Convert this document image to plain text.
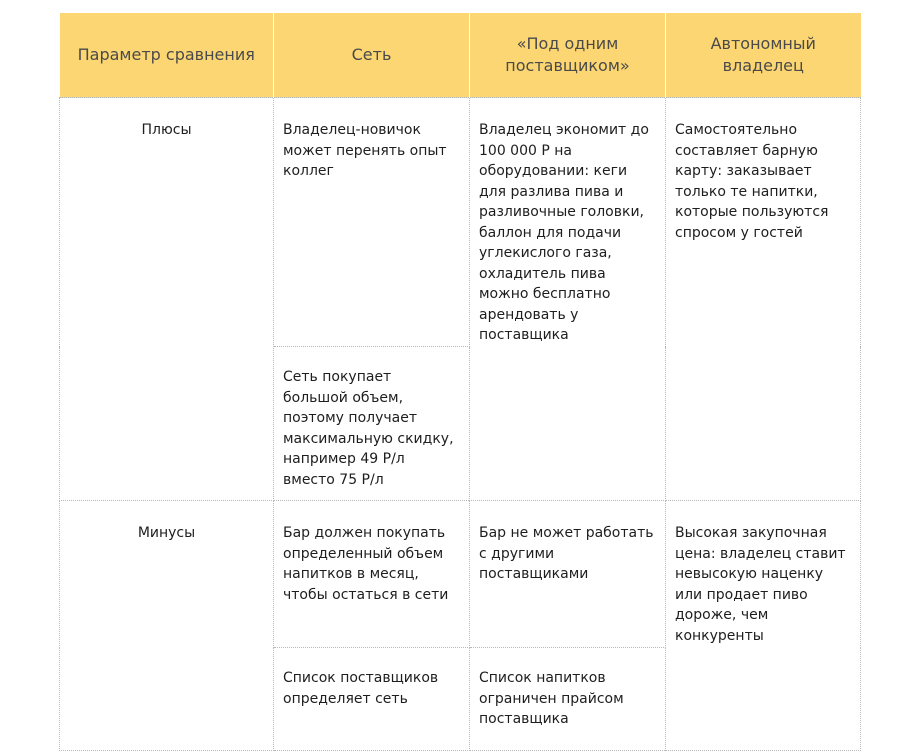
Параметр сравнения	Сеть	«Под одним поставщиком»	Автономный владелец
Плюсы	Владелец-новичок может перенять опыт коллег	Владелец экономит до 100 000 Р на оборудовании: кеги для разлива пива и разливочные головки, баллон для подачи углекислого газа, охладитель пива можно бесплатно арендовать у поставщика	Самостоятельно составляет барную карту: заказывает только те напитки, которые пользуются спросом у гостей
	Сеть покупает большой объем, поэтому получает максимальную скидку, например 49 Р/л вместо 75 Р/л		
Минусы	Бар должен покупать определенный объем напитков в месяц, чтобы остаться в сети	Бар не может работать с другими поставщиками	Высокая закупочная цена: владелец ставит невысокую наценку или продает пиво дороже, чем конкуренты
	Список поставщиков определяет сеть	Список напитков ограничен прайсом поставщика	
